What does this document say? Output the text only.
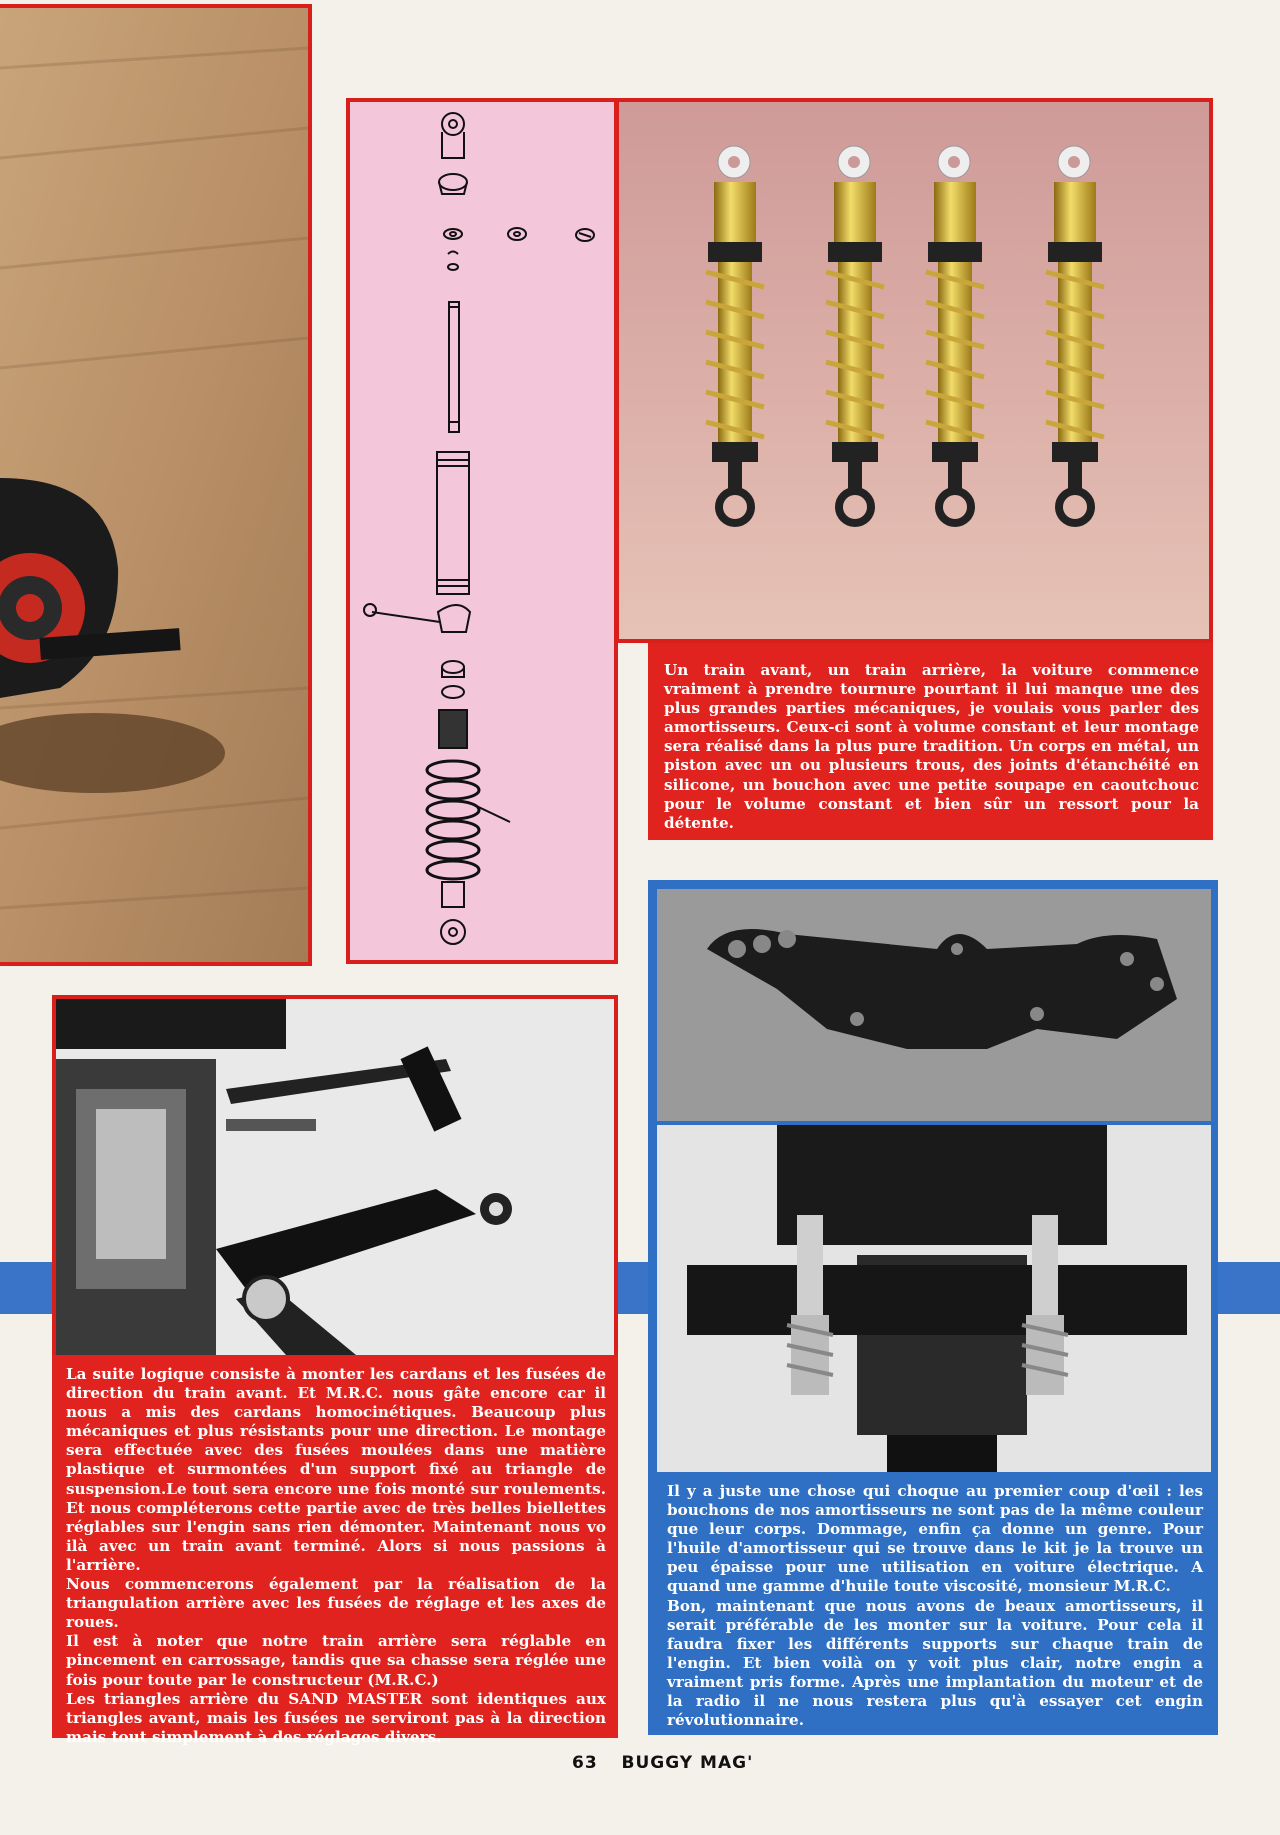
Un train avant, un train arrière, la voiture commence vraiment à prendre tournure pourtant il lui manque une des plus grandes parties mécaniques, je voulais vous parler des amortisseurs. Ceux-ci sont à volume constant et leur montage sera réalisé dans la plus pure tradition. Un corps en métal, un piston avec un ou plusieurs trous, des joints d'étanchéité en silicone, un bouchon avec une petite soupape en caoutchouc pour le volume constant et bien sûr un ressort pour la détente.

La suite logique consiste à monter les cardans et les fusées de direction du train avant. Et M.R.C. nous gâte encore car il nous a mis des cardans homocinétiques. Beaucoup plus mécaniques et plus résistants pour une direction. Le montage sera effectuée avec des fusées moulées dans une matière plastique et surmontées d'un support fixé au triangle de suspension.Le tout sera encore une fois monté sur roulements. Et nous compléterons cette partie avec de très belles biellettes réglables sur l'engin sans rien démonter. Maintenant nous vo ilà avec un train avant terminé. Alors si nous passions à l'arrière.

Nous commencerons également par la réalisation de la triangulation arrière avec les fusées de réglage et les axes de roues.

Il est à noter que notre train arrière sera réglable en pincement en carrossage, tandis que sa chasse sera réglée une fois pour toute par le constructeur (M.R.C.)

Les triangles arrière du SAND MASTER sont identiques aux triangles avant, mais les fusées ne serviront pas à la direction mais tout simplement à des réglages divers.

Il y a juste une chose qui choque au premier coup d'œil : les bouchons de nos amortisseurs ne sont pas de la même couleur que leur corps. Dommage, enfin ça donne un genre. Pour l'huile d'amortisseur qui se trouve dans le kit je la trouve un peu épaisse pour une utilisation en voiture électrique. A quand une gamme d'huile toute viscosité, monsieur M.R.C.

Bon, maintenant que nous avons de beaux amortisseurs, il serait préférable de les monter sur la voiture. Pour cela il faudra fixer les différents supports sur chaque train de l'engin. Et bien voilà on y voit plus clair, notre engin a vraiment pris forme. Après une implantation du moteur et de la radio il ne nous restera plus qu'à essayer cet engin révolutionnaire.

63 BUGGY MAG'
